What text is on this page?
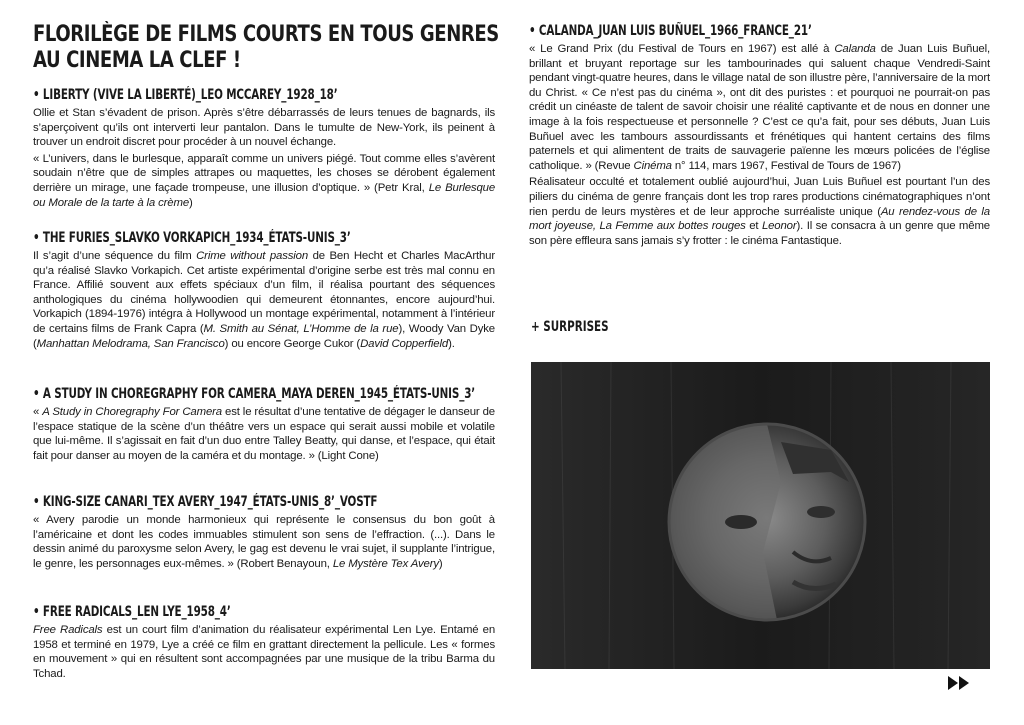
FLORILÈGE DE FILMS COURTS EN TOUS GENRES
AU CINEMA LA CLEF !
• LIBERTY (VIVE LA LIBERTÉ)_LEO MCCAREY_1928_18’

Ollie et Stan s’évadent de prison. Après s’être débarrassés de leurs tenues de bagnards, ils s’aperçoivent qu’ils ont interverti leur pantalon. Dans le tumulte de New-York, ils peinent à trouver un endroit discret pour procéder à un nouvel échange.

« L’univers, dans le burlesque, apparaît comme un univers piégé. Tout comme elles s’avèrent soudain n’être que de simples attrapes ou maquettes, les choses se dérobent également derrière un mirage, une façade trompeuse, une illusion d’optique. » (Petr Kral, Le Burlesque ou Morale de la tarte à la crème)

• THE FURIES_SLAVKO VORKAPICH_1934_ÉTATS-UNIS_3’

Il s’agit d’une séquence du film Crime without passion de Ben Hecht et Charles MacArthur qu’a réalisé Slavko Vorkapich. Cet artiste expérimental d’origine serbe est très mal connu en France. Affilié souvent aux effets spéciaux d’un film, il réalisa pourtant des séquences anthologiques du cinéma hollywoodien qui demeurent étonnantes, encore aujourd’hui. Vorkapich (1894-1976) intégra à Hollywood un montage expérimental, notamment à l’intérieur de certains films de Frank Capra (M. Smith au Sénat, L’Homme de la rue), Woody Van Dyke (Manhattan Melodrama, San Francisco) ou encore George Cukor (David Copperfield).

• A STUDY IN CHOREGRAPHY FOR CAMERA_MAYA DEREN_1945_ÉTATS-UNIS_3’

« A Study in Choregraphy For Camera est le résultat d’une tentative de dégager le danseur de l’espace statique de la scène d’un théâtre vers un espace qui serait aussi mobile et volatile que lui-même. Il s’agissait en fait d’un duo entre Talley Beatty, qui danse, et l’espace, qui était fait pour danser au moyen de la caméra et du montage. » (Light Cone)

• KING-SIZE CANARI_TEX AVERY_1947_ÉTATS-UNIS_8’_VOSTF

« Avery parodie un monde harmonieux qui représente le consensus du bon goût à l’américaine et dont les codes immuables stimulent son sens de l’effraction. (...). Dans le dessin animé du paroxysme selon Avery, le gag est devenu le vrai sujet, il supplante l’intrigue, le genre, les personnages eux-mêmes. » (Robert Benayoun, Le Mystère Tex Avery)

• FREE RADICALS_LEN LYE_1958_4’

Free Radicals est un court film d’animation du réalisateur expérimental Len Lye. Entamé en 1958 et terminé en 1979, Lye a créé ce film en grattant directement la pellicule. Les « formes en mouvement » qui en résultent sont accompagnées par une musique de la tribu Barma du Tchad.

• CALANDA_JUAN LUIS BUÑUEL_1966_FRANCE_21’

« Le Grand Prix (du Festival de Tours en 1967) est allé à Calanda de Juan Luis Buñuel, brillant et bruyant reportage sur les tambourinades qui saluent chaque Vendredi-Saint pendant vingt-quatre heures, dans le village natal de son illustre père, l’anniversaire de la mort du Christ. « Ce n’est pas du cinéma », ont dit des puristes : et pourquoi ne pourrait-on pas crédit un cinéaste de talent de savoir choisir une réalité captivante et de nous en donner une image à la fois respectueuse et personnelle ? C’est ce qu’a fait, pour ses débuts, Juan Luis Buñuel avec les tambours assourdissants et frénétiques qui hantent certains des films paternels et qui alimentent de traits de sauvagerie païenne les mœurs policées de l’église catholique. » (Revue Cinéma n° 114, mars 1967, Festival de Tours de 1967)

Réalisateur occulté et totalement oublié aujourd’hui, Juan Luis Buñuel est pourtant l’un des piliers du cinéma de genre français dont les trop rares productions cinématographiques n’ont rien perdu de leurs mystères et de leur approche surréaliste unique (Au rendez-vous de la mort joyeuse, La Femme aux bottes rouges et Leonor). Il se consacra à un genre que même son père effleura sans jamais s’y frotter : le cinéma Fantastique.

+ SURPRISES
